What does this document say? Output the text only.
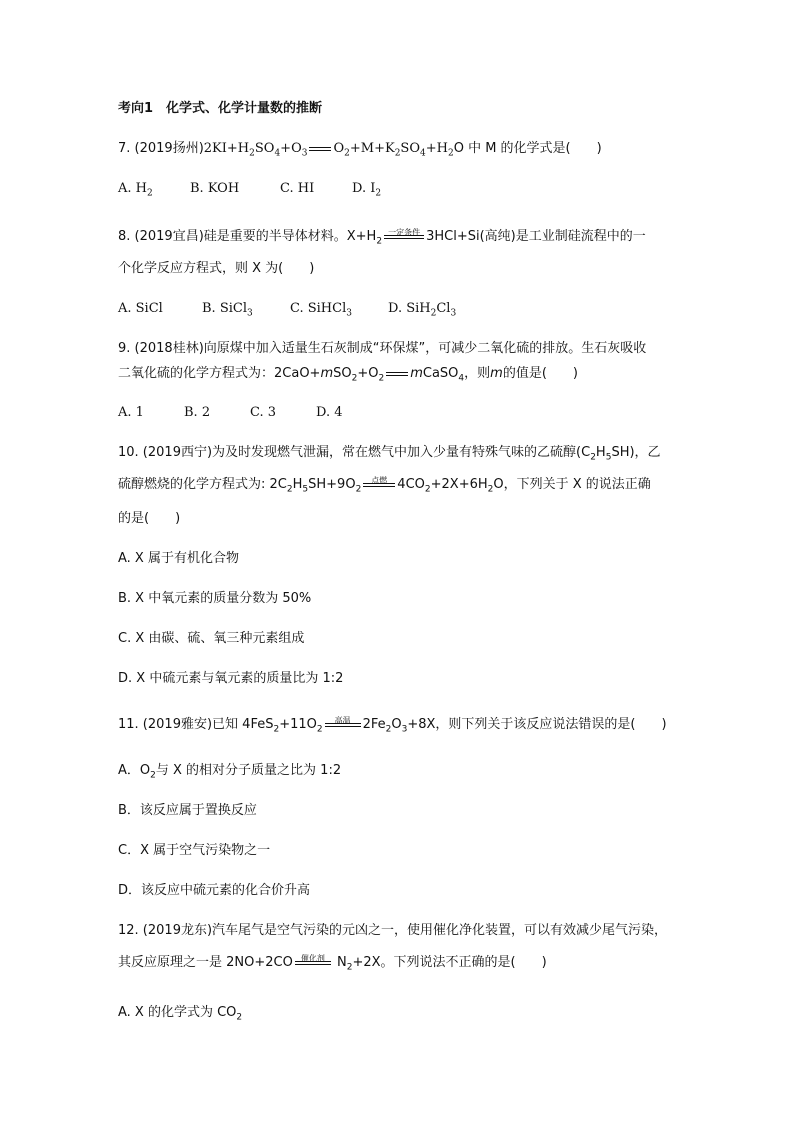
考向1　化学式、化学计量数的推断
7. (2019扬州)$2KI+H_2SO_4+O_3$ $O_2+M+K_2SO_4+H_2O$ 中 M 的化学式是(　　)
A. $H_2$	B. KOH	C. HI	D. $I_2$
8. (2019宜昌)硅是重要的半导体材料。$X+H_2$
一定条件 3HCl+Si(高纯)是工业制硅流程中的一
个化学反应方程式，则 X 为(　　)
A. SiCl	B. SiCl$_3$	C. SiHCl$_3$	D. $SiH_2Cl_3$
9. (2018桂林)向原煤中加入适量生石灰制成“环保煤”，可减少二氧化硫的排放。生石灰吸收
二氧化硫的化学方程式为：$2CaO+mSO_2+O_2$ mCaSO$_4$，则m的值是(　　)
A. 1	B. 2	C. 3	D. 4
10. (2019西宁)为及时发现燃气泄漏，常在燃气中加入少量有特殊气味的乙硫醇$(C_2H_5SH)$，乙
硫醇燃烧的化学方程式为: $2C_2H_5SH+9O_2$
点燃 $4CO_2+2X+6H_2O$，下列关于 X 的说法正确
的是(　　)
A. X 属于有机化合物
B. X 中氧元素的质量分数为 50%
C. X 由碳、硫、氧三种元素组成
D. X 中硫元素与氧元素的质量比为 1:2
11. (2019雅安)已知 $4FeS_2+11O_2$
高温 $2Fe_2O_3+8X$，则下列关于该反应说法错误的是(　　)
A．$O_2$与 X 的相对分子质量之比为 1:2
B．该反应属于置换反应
C．X 属于空气污染物之一
D．该反应中硫元素的化合价升高
12. (2019龙东)汽车尾气是空气污染的元凶之一，使用催化净化装置，可以有效减少尾气污染，
其反应原理之一是 2NO+2CO	催化剂 $N_2+2X$。下列说法不正确的是(　　)
A. X 的化学式为 $CO_2$
